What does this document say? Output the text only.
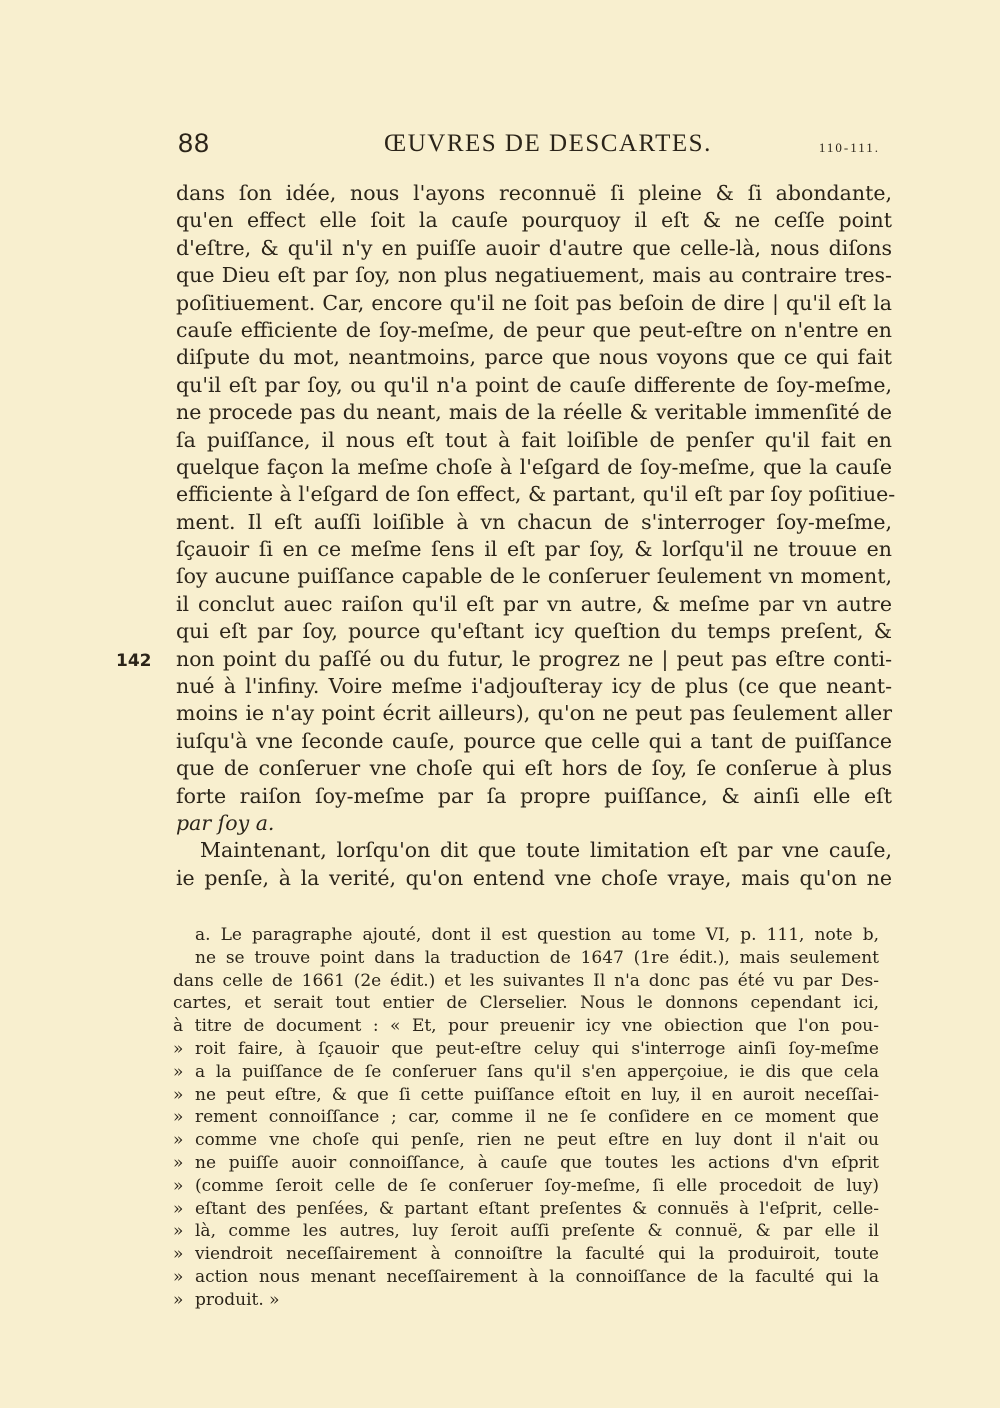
88	ŒUVRES DE DESCARTES.	110-111.
142
dans ſon idée, nous l'ayons reconnuë ſi pleine & ſi abondante,
qu'en effect elle ſoit la cauſe pourquoy il eſt & ne ceſſe point
d'eſtre, & qu'il n'y en puiſſe auoir d'autre que celle-là, nous diſons
que Dieu eſt par ſoy, non plus negatiuement, mais au contraire tres-
poſitiuement. Car, encore qu'il ne ſoit pas beſoin de dire | qu'il eſt la
cauſe efficiente de ſoy-meſme, de peur que peut-eſtre on n'entre en
diſpute du mot, neantmoins, parce que nous voyons que ce qui fait
qu'il eſt par ſoy, ou qu'il n'a point de cauſe differente de ſoy-meſme,
ne procede pas du neant, mais de la réelle & veritable immenſité de
ſa puiſſance, il nous eſt tout à fait loiſible de penſer qu'il fait en
quelque façon la meſme choſe à l'eſgard de ſoy-meſme, que la cauſe
efficiente à l'eſgard de ſon effect, & partant, qu'il eſt par ſoy poſitiue-
ment. Il eſt auſſi loiſible à vn chacun de s'interroger ſoy-meſme,
ſçauoir ſi en ce meſme ſens il eſt par ſoy, & lorſqu'il ne trouue en
ſoy aucune puiſſance capable de le conſeruer ſeulement vn moment,
il conclut auec raiſon qu'il eſt par vn autre, & meſme par vn autre
qui eſt par ſoy, pource qu'eſtant icy queſtion du temps preſent, &
non point du paſſé ou du futur, le progrez ne | peut pas eſtre conti-
nué à l'infiny. Voire meſme i'adjouſteray icy de plus (ce que neant-
moins ie n'ay point écrit ailleurs), qu'on ne peut pas ſeulement aller
iuſqu'à vne ſeconde cauſe, pource que celle qui a tant de puiſſance
que de conſeruer vne choſe qui eſt hors de ſoy, ſe conſerue à plus
forte raiſon ſoy-meſme par ſa propre puiſſance, & ainſi elle eſt
par ſoy a.
Maintenant, lorſqu'on dit que toute limitation eſt par vne cauſe,
ie penſe, à la verité, qu'on entend vne choſe vraye, mais qu'on ne
a. Le paragraphe ajouté, dont il est question au tome VI, p. 111, note b,
ne se trouve point dans la traduction de 1647 (1re édit.), mais seulement
dans celle de 1661 (2e édit.) et les suivantes Il n'a donc pas été vu par Des-
cartes, et serait tout entier de Clerselier. Nous le donnons cependant ici,
à titre de document : « Et, pour preuenir icy vne obiection que l'on pou-
» roit faire, à ſçauoir que peut-eſtre celuy qui s'interroge ainſi ſoy-meſme
» a la puiſſance de ſe conſeruer ſans qu'il s'en apperçoiue, ie dis que cela
» ne peut eſtre, & que ſi cette puiſſance eſtoit en luy, il en auroit neceſſai-
» rement connoiſſance ; car, comme il ne ſe conſidere en ce moment que
» comme vne choſe qui penſe, rien ne peut eſtre en luy dont il n'ait ou
» ne puiſſe auoir connoiſſance, à cauſe que toutes les actions d'vn eſprit
» (comme ſeroit celle de ſe conſeruer ſoy-meſme, ſi elle procedoit de luy)
» eſtant des penſées, & partant eſtant preſentes & connuës à l'eſprit, celle-
» là, comme les autres, luy ſeroit auſſi preſente & connuë, & par elle il
» viendroit neceſſairement à connoiſtre la faculté qui la produiroit, toute
» action nous menant neceſſairement à la connoiſſance de la faculté qui la
» produit. »
